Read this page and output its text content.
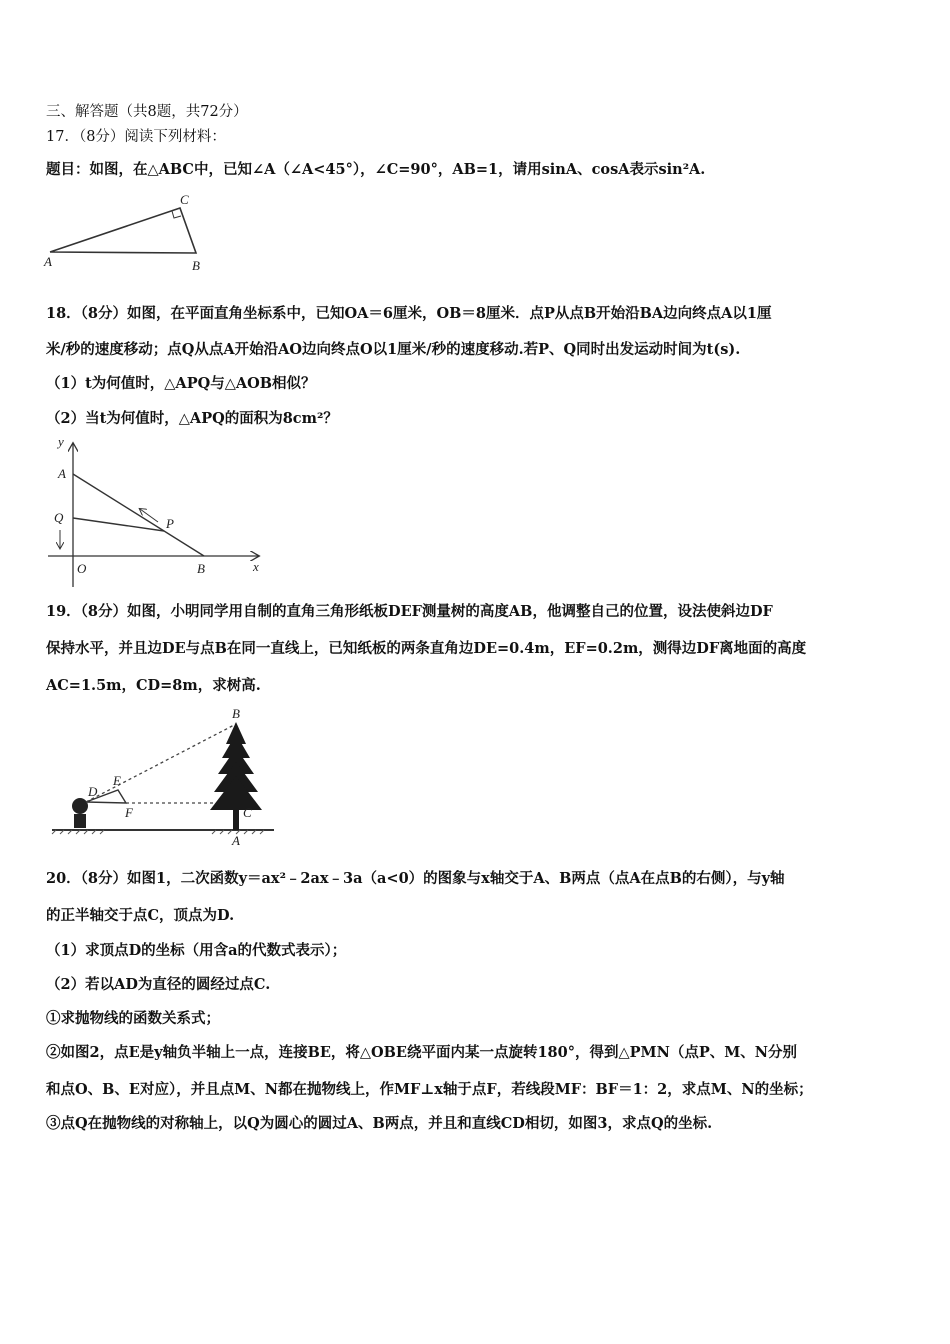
三、解答题（共8题，共72分）
17．（8分）阅读下列材料：
题目：如图，在△ABC中，已知∠A（∠A<45°），∠C=90°，AB=1，请用sinA、cosA表示sin²A.
A	B
C
18．（8分）如图，在平面直角坐标系中，已知OA＝6厘米，OB＝8厘米．点P从点B开始沿BA边向终点A以1厘
米/秒的速度移动；点Q从点A开始沿AO边向终点O以1厘米/秒的速度移动.若P、Q同时出发运动时间为t(s).
（1）t为何值时，△APQ与△AOB相似？
（2）当t为何值时，△APQ的面积为8cm²？
y
A
Q	P
O	B	x
19．（8分）如图，小明同学用自制的直角三角形纸板DEF测量树的高度AB，他调整自己的位置，设法使斜边DF
保持水平，并且边DE与点B在同一直线上，已知纸板的两条直角边DE=0.4m，EF=0.2m，测得边DF离地面的高度
AC=1.5m，CD=8m，求树高.
B
E
D
F	C
A
20．（8分）如图1，二次函数y＝ax²﹣2ax﹣3a（a<0）的图象与x轴交于A、B两点（点A在点B的右侧），与y轴
的正半轴交于点C，顶点为D.
（1）求顶点D的坐标（用含a的代数式表示）；
（2）若以AD为直径的圆经过点C.
①求抛物线的函数关系式；
②如图2，点E是y轴负半轴上一点，连接BE，将△OBE绕平面内某一点旋转180°，得到△PMN（点P、M、N分别
和点O、B、E对应），并且点M、N都在抛物线上，作MF⊥x轴于点F，若线段MF：BF＝1：2，求点M、N的坐标；
③点Q在抛物线的对称轴上，以Q为圆心的圆过A、B两点，并且和直线CD相切，如图3，求点Q的坐标.
